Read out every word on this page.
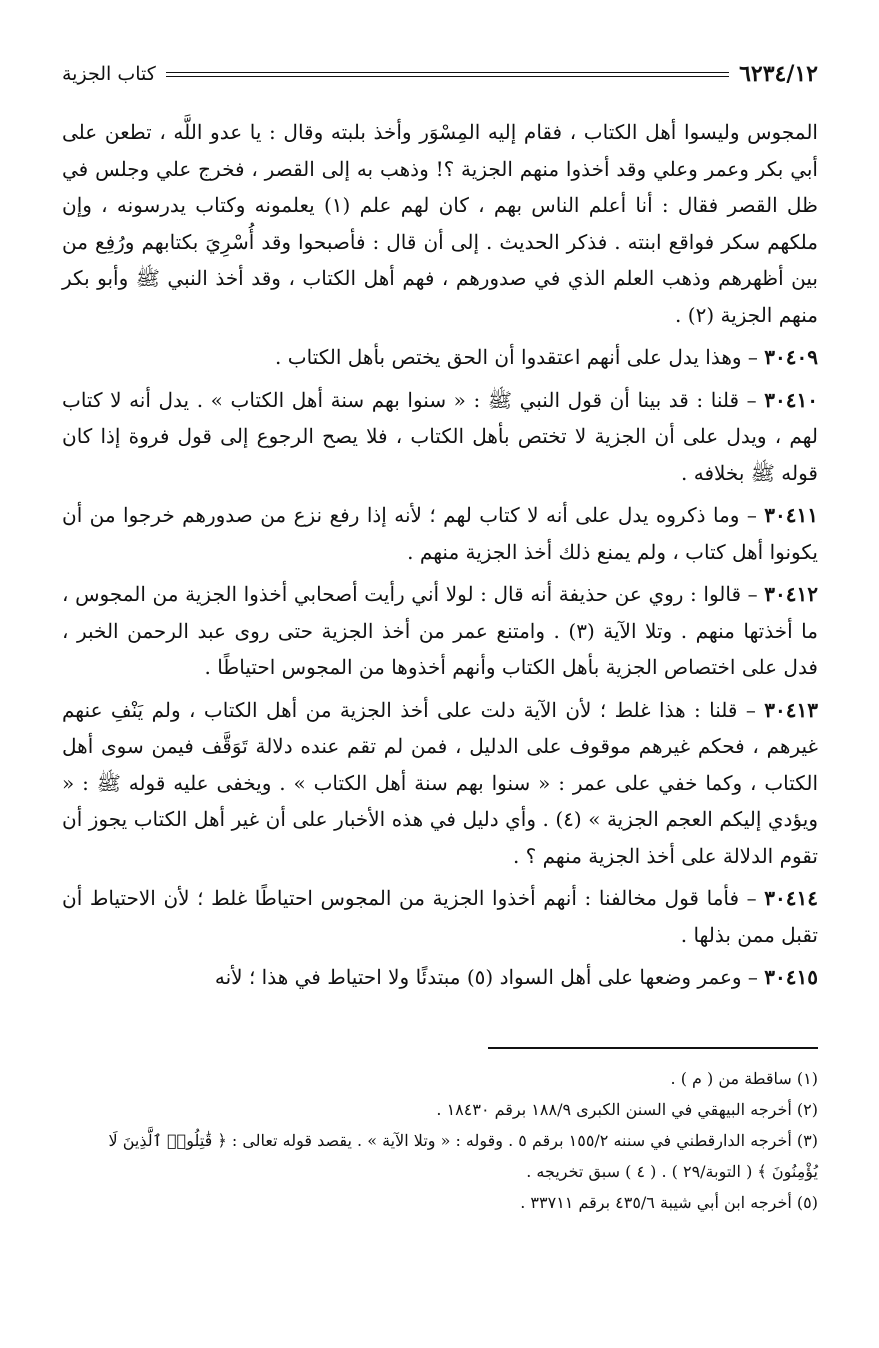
٦٢٣٤/١٢
كتاب الجزية

المجوس وليسوا أهل الكتاب ، فقام إليه المِسْوَر وأخذ بلبته وقال : يا عدو اللَّه ، تطعن على أبي بكر وعمر وعلي وقد أخذوا منهم الجزية ؟! وذهب به إلى القصر ، فخرج علي وجلس في ظل القصر فقال : أنا أعلم الناس بهم ، كان لهم علم (١) يعلمونه وكتاب يدرسونه ، وإن ملكهم سكر فواقع ابنته . فذكر الحديث . إلى أن قال : فأصبحوا وقد أُسْرِيَ بكتابهم ورُفِع من بين أظهرهم وذهب العلم الذي في صدورهم ، فهم أهل الكتاب ، وقد أخذ النبي ﷺ وأبو بكر منهم الجزية (٢) .

٣٠٤٠٩ – وهذا يدل على أنهم اعتقدوا أن الحق يختص بأهل الكتاب .

٣٠٤١٠ – قلنا : قد بينا أن قول النبي ﷺ : « سنوا بهم سنة أهل الكتاب » . يدل أنه لا كتاب لهم ، ويدل على أن الجزية لا تختص بأهل الكتاب ، فلا يصح الرجوع إلى قول فروة إذا كان قوله ﷺ بخلافه .

٣٠٤١١ – وما ذكروه يدل على أنه لا كتاب لهم ؛ لأنه إذا رفع نزع من صدورهم خرجوا من أن يكونوا أهل كتاب ، ولم يمنع ذلك أخذ الجزية منهم .

٣٠٤١٢ – قالوا : روي عن حذيفة أنه قال : لولا أني رأيت أصحابي أخذوا الجزية من المجوس ، ما أخذتها منهم . وتلا الآية (٣) . وامتنع عمر من أخذ الجزية حتى روى عبد الرحمن الخبر ، فدل على اختصاص الجزية بأهل الكتاب وأنهم أخذوها من المجوس احتياطًا .

٣٠٤١٣ – قلنا : هذا غلط ؛ لأن الآية دلت على أخذ الجزية من أهل الكتاب ، ولم يَنْفِ عنهم غيرهم ، فحكم غيرهم موقوف على الدليل ، فمن لم تقم عنده دلالة تَوَقَّف فيمن سوى أهل الكتاب ، وكما خفي على عمر : « سنوا بهم سنة أهل الكتاب » . ويخفى عليه قوله ﷺ : « ويؤدي إليكم العجم الجزية » (٤) . وأي دليل في هذه الأخبار على أن غير أهل الكتاب يجوز أن تقوم الدلالة على أخذ الجزية منهم ؟ .

٣٠٤١٤ – فأما قول مخالفنا : أنهم أخذوا الجزية من المجوس احتياطًا غلط ؛ لأن الاحتياط أن تقبل ممن بذلها .

٣٠٤١٥ – وعمر وضعها على أهل السواد (٥) مبتدئًا ولا احتياط في هذا ؛ لأنه

(١) ساقطة من ( م ) .

(٢) أخرجه البيهقي في السنن الكبرى ١٨٨/٩ برقم ١٨٤٣٠ .

(٣) أخرجه الدارقطني في سننه ١٥٥/٢ برقم ٥ . وقوله : « وتلا الآية » . يقصد قوله تعالى : ﴿ قَٰتِلُوا۟ ٱلَّذِينَ لَا يُؤْمِنُونَ ﴾ ( التوبة/٢٩ ) . ( ٤ ) سبق تخريجه .

(٥) أخرجه ابن أبي شيبة ٤٣٥/٦ برقم ٣٣٧١١ .
